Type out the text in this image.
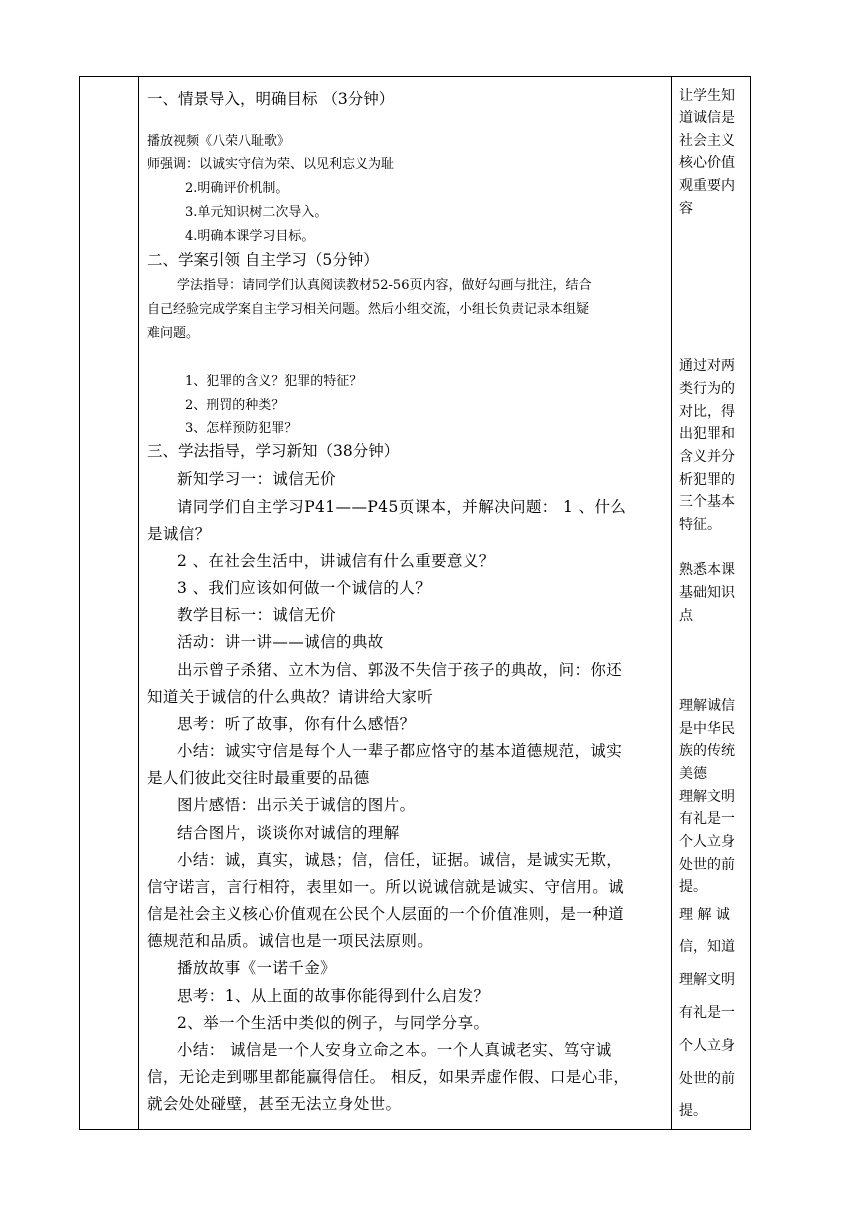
一、情景导入，明确目标 （3分钟）
播放视频《八荣八耻歌》
师强调：以诚实守信为荣、以见利忘义为耻
2.明确评价机制。
3.单元知识树二次导入。
4.明确本课学习目标。
二、学案引领 自主学习（5分钟）
学法指导：请同学们认真阅读教材52-56页内容，做好勾画与批注，结合
自己经验完成学案自主学习相关问题。然后小组交流，小组长负责记录本组疑
难问题。
1、犯罪的含义？犯罪的特征？
2、刑罚的种类？
3、怎样预防犯罪？
三、学法指导，学习新知（38分钟）
新知学习一：诚信无价
请同学们自主学习P41——P45页课本，并解决问题： 1 、什么
是诚信？
2 、在社会生活中，讲诚信有什么重要意义？
3 、我们应该如何做一个诚信的人？
教学目标一：诚信无价
活动：讲一讲——诚信的典故
出示曾子杀猪、立木为信、郭汲不失信于孩子的典故，问：你还
知道关于诚信的什么典故？请讲给大家听
思考：听了故事，你有什么感悟？
小结：诚实守信是每个人一辈子都应恪守的基本道德规范，诚实
是人们彼此交往时最重要的品德
图片感悟：出示关于诚信的图片。
结合图片，谈谈你对诚信的理解
小结：诚，真实，诚恳；信，信任，证据。诚信，是诚实无欺，
信守诺言，言行相符，表里如一。所以说诚信就是诚实、守信用。诚
信是社会主义核心价值观在公民个人层面的一个价值准则，是一种道
德规范和品质。诚信也是一项民法原则。
播放故事《一诺千金》
思考：1、从上面的故事你能得到什么启发？
2、举一个生活中类似的例子，与同学分享。
小结： 诚信是一个人安身立命之本。一个人真诚老实、笃守诚
信，无论走到哪里都能赢得信任。 相反，如果弄虚作假、口是心非，
就会处处碰壁，甚至无法立身处世。
让学生知
道诚信是
社会主义
核心价值
观重要内
容
通过对两
类行为的
对比，得
出犯罪和
含义并分
析犯罪的
三个基本
特征。
熟悉本课
基础知识
点
理解诚信
是中华民
族的传统
美德
理解文明
有礼是一
个人立身
处世的前
提。
理 解 诚
信，知道
理解文明
有礼是一
个人立身
处世的前
提。
